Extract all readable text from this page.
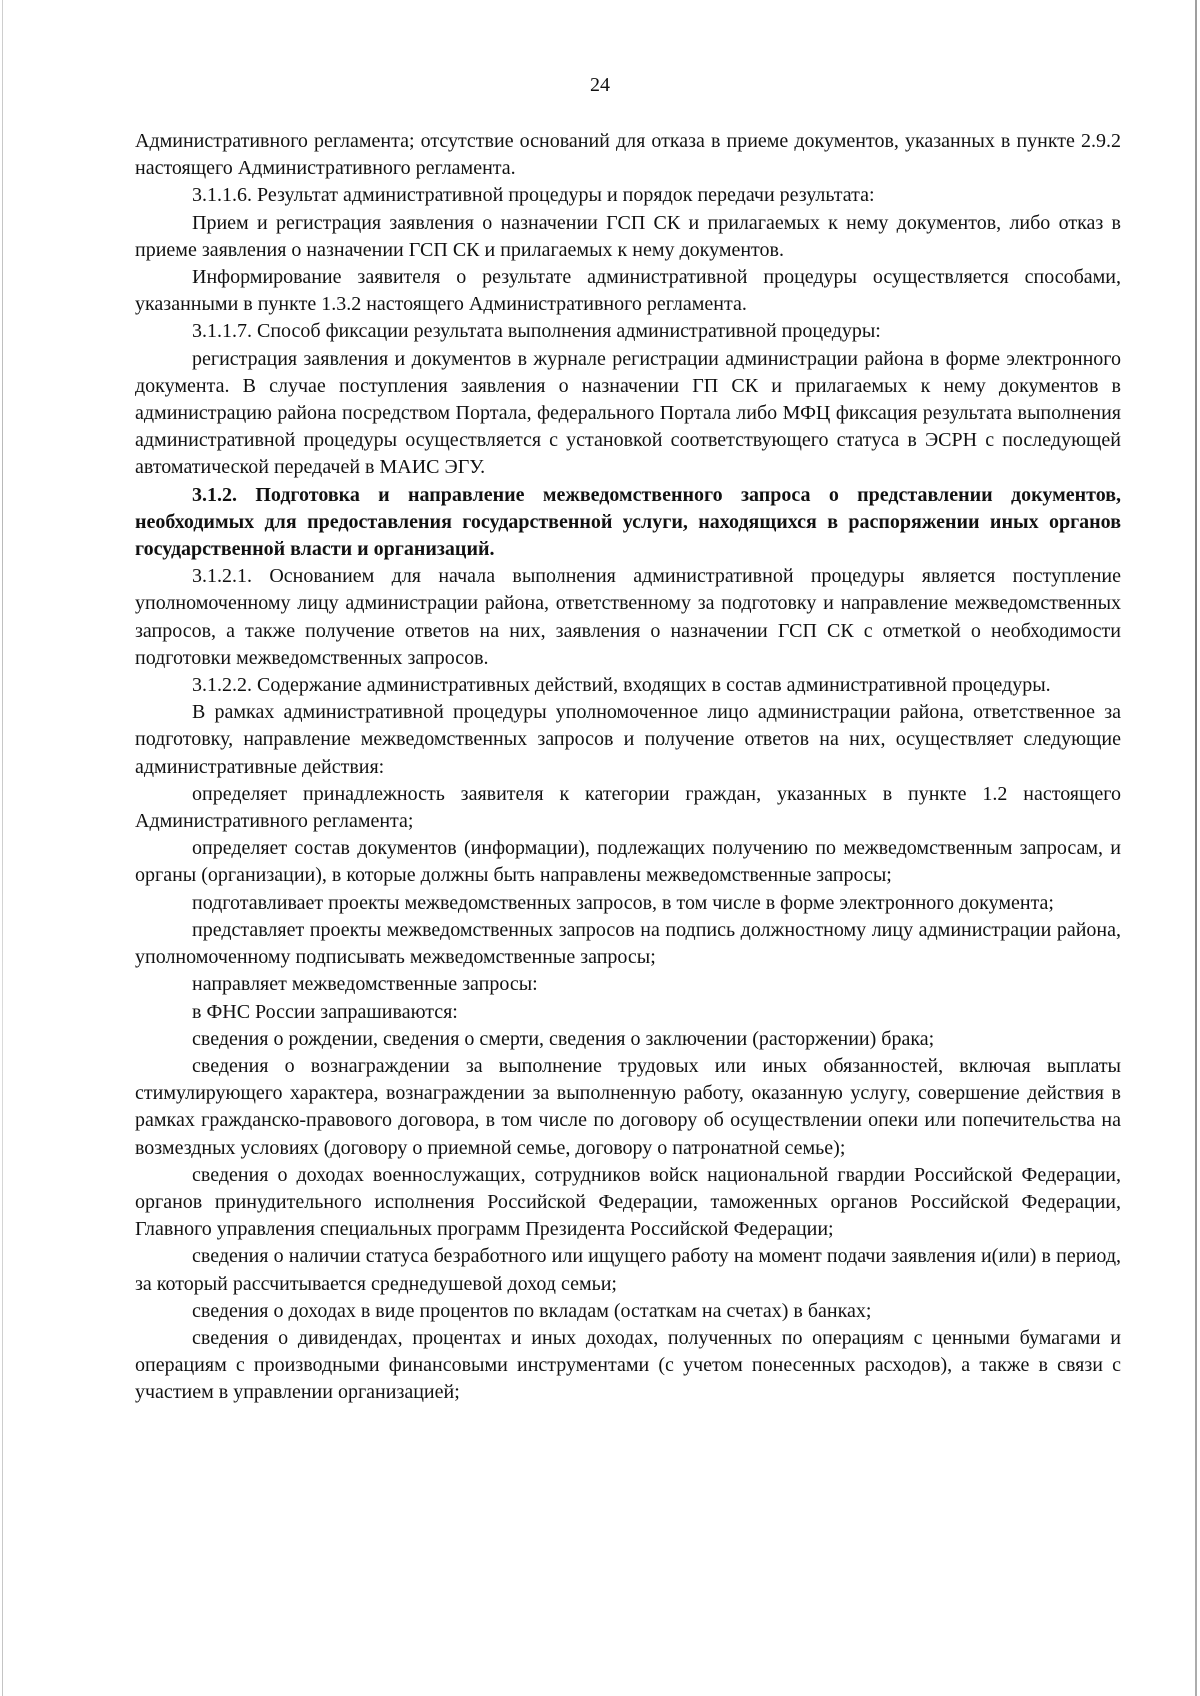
24

Административного регламента; отсутствие оснований для отказа в приеме документов, указанных в пункте 2.9.2 настоящего Административного регламента.

3.1.1.6. Результат административной процедуры и порядок передачи результата:

Прием и регистрация заявления о назначении ГСП СК и прилагаемых к нему документов, либо отказ в приеме заявления о назначении ГСП СК и прилагаемых к нему документов.

Информирование заявителя о результате административной процедуры осуществляется способами, указанными в пункте 1.3.2 настоящего Административного регламента.

3.1.1.7. Способ фиксации результата выполнения административной процедуры:

регистрация заявления и документов в журнале регистрации администрации района в форме электронного документа. В случае поступления заявления о назначении ГП СК и прилагаемых к нему документов в администрацию района посредством Портала, федерального Портала либо МФЦ фиксация результата выполнения административной процедуры осуществляется с установкой соответствующего статуса в ЭСРН с последующей автоматической передачей в МАИС ЭГУ.

3.1.2. Подготовка и направление межведомственного запроса о представлении документов, необходимых для предоставления государственной услуги, находящихся в распоряжении иных органов государственной власти и организаций.

3.1.2.1. Основанием для начала выполнения административной процедуры является поступление уполномоченному лицу администрации района, ответственному за подготовку и направление межведомственных запросов, а также получение ответов на них, заявления о назначении ГСП СК с отметкой о необходимости подготовки межведомственных запросов.

3.1.2.2. Содержание административных действий, входящих в состав административной процедуры.

В рамках административной процедуры уполномоченное лицо администрации района, ответственное за подготовку, направление межведомственных запросов и получение ответов на них, осуществляет следующие административные действия:

определяет принадлежность заявителя к категории граждан, указанных в пункте 1.2 настоящего Административного регламента;

определяет состав документов (информации), подлежащих получению по межведомственным запросам, и органы (организации), в которые должны быть направлены межведомственные запросы;

подготавливает проекты межведомственных запросов, в том числе в форме электронного документа;

представляет проекты межведомственных запросов на подпись должностному лицу администрации района, уполномоченному подписывать межведомственные запросы;

направляет межведомственные запросы:

в ФНС России запрашиваются:

сведения о рождении, сведения о смерти, сведения о заключении (расторжении) брака;

сведения о вознаграждении за выполнение трудовых или иных обязанностей, включая выплаты стимулирующего характера, вознаграждении за выполненную работу, оказанную услугу, совершение действия в рамках гражданско-правового договора, в том числе по договору об осуществлении опеки или попечительства на возмездных условиях (договору о приемной семье, договору о патронатной семье);

сведения о доходах военнослужащих, сотрудников войск национальной гвардии Российской Федерации, органов принудительного исполнения Российской Федерации, таможенных органов Российской Федерации, Главного управления специальных программ Президента Российской Федерации;

сведения о наличии статуса безработного или ищущего работу на момент подачи заявления и(или) в период, за который рассчитывается среднедушевой доход семьи;

сведения о доходах в виде процентов по вкладам (остаткам на счетах) в банках;

сведения о дивидендах, процентах и иных доходах, полученных по операциям с ценными бумагами и операциям с производными финансовыми инструментами (с учетом понесенных расходов), а также в связи с участием в управлении организацией;
